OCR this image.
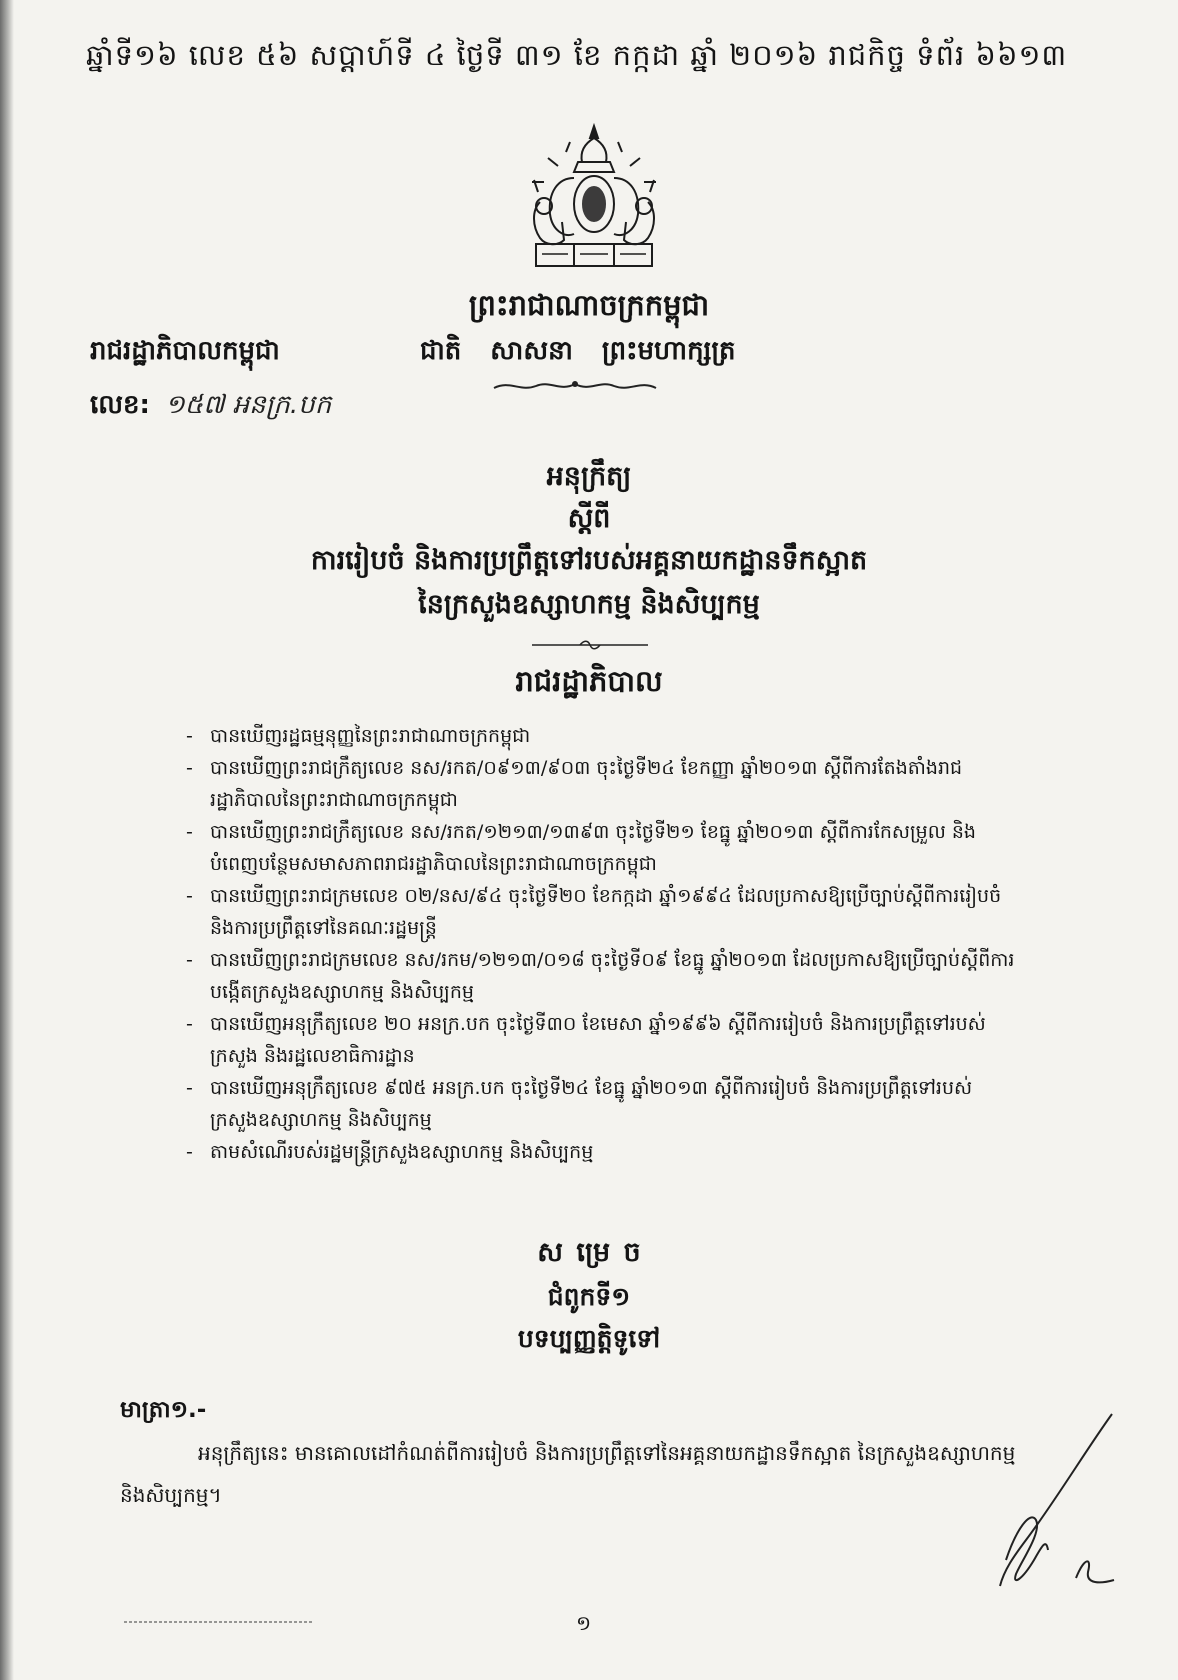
ឆ្នាំទី១៦ លេខ ៥៦ សប្តាហ៍ទី ៤ ថ្ងៃទី ៣១ ខែ កក្កដា ឆ្នាំ ២០១៦ រាជកិច្ច ទំព័រ ៦៦១៣
ព្រះរាជាណាចក្រកម្ពុជា
រាជរដ្ឋាភិបាលកម្ពុជា	ជាតិ សាសនា ព្រះមហាក្សត្រ
លេខ: ១៥៧ អនក្រ.បក
អនុក្រឹត្យ
ស្តីពី
ការរៀបចំ និងការប្រព្រឹត្តទៅរបស់អគ្គនាយកដ្ឋានទឹកស្អាត
នៃក្រសួងឧស្សាហកម្ម និងសិប្បកម្ម
រាជរដ្ឋាភិបាល
- បានឃើញរដ្ឋធម្មនុញ្ញនៃព្រះរាជាណាចក្រកម្ពុជា
- បានឃើញព្រះរាជក្រឹត្យលេខ នស/រកត/០៩១៣/៩០៣ ចុះថ្ងៃទី២៤ ខែកញ្ញា ឆ្នាំ២០១៣ ស្តីពីការតែងតាំងរាជរដ្ឋាភិបាលនៃព្រះរាជាណាចក្រកម្ពុជា
- បានឃើញព្រះរាជក្រឹត្យលេខ នស/រកត/១២១៣/១៣៩៣ ចុះថ្ងៃទី២១ ខែធ្នូ ឆ្នាំ២០១៣ ស្តីពីការកែសម្រួល និងបំពេញបន្ថែមសមាសភាពរាជរដ្ឋាភិបាលនៃព្រះរាជាណាចក្រកម្ពុជា
- បានឃើញព្រះរាជក្រមលេខ ០២/នស/៩៤ ចុះថ្ងៃទី២០ ខែកក្កដា ឆ្នាំ១៩៩៤ ដែលប្រកាសឱ្យប្រើច្បាប់ស្តីពីការរៀបចំ និងការប្រព្រឹត្តទៅនៃគណៈរដ្ឋមន្ត្រី
- បានឃើញព្រះរាជក្រមលេខ នស/រកម/១២១៣/០១៨ ចុះថ្ងៃទី០៩ ខែធ្នូ ឆ្នាំ២០១៣ ដែលប្រកាសឱ្យប្រើច្បាប់ស្តីពីការបង្កើតក្រសួងឧស្សាហកម្ម និងសិប្បកម្ម
- បានឃើញអនុក្រឹត្យលេខ ២០ អនក្រ.បក ចុះថ្ងៃទី៣០ ខែមេសា ឆ្នាំ១៩៩៦ ស្តីពីការរៀបចំ និងការប្រព្រឹត្តទៅរបស់ក្រសួង និងរដ្ឋលេខាធិការដ្ឋាន
- បានឃើញអនុក្រឹត្យលេខ ៩៧៥ អនក្រ.បក ចុះថ្ងៃទី២៤ ខែធ្នូ ឆ្នាំ២០១៣ ស្តីពីការរៀបចំ និងការប្រព្រឹត្តទៅរបស់ក្រសួងឧស្សាហកម្ម និងសិប្បកម្ម
- តាមសំណើរបស់រដ្ឋមន្ត្រីក្រសួងឧស្សាហកម្ម និងសិប្បកម្ម
ស ម្រេ ច
ជំពូកទី១
បទប្បញ្ញត្តិទូទៅ
មាត្រា១.-
អនុក្រឹត្យនេះ មានគោលដៅកំណត់ពីការរៀបចំ និងការប្រព្រឹត្តទៅនៃអគ្គនាយកដ្ឋានទឹកស្អាត នៃក្រសួងឧស្សាហកម្ម និងសិប្បកម្ម។
១
